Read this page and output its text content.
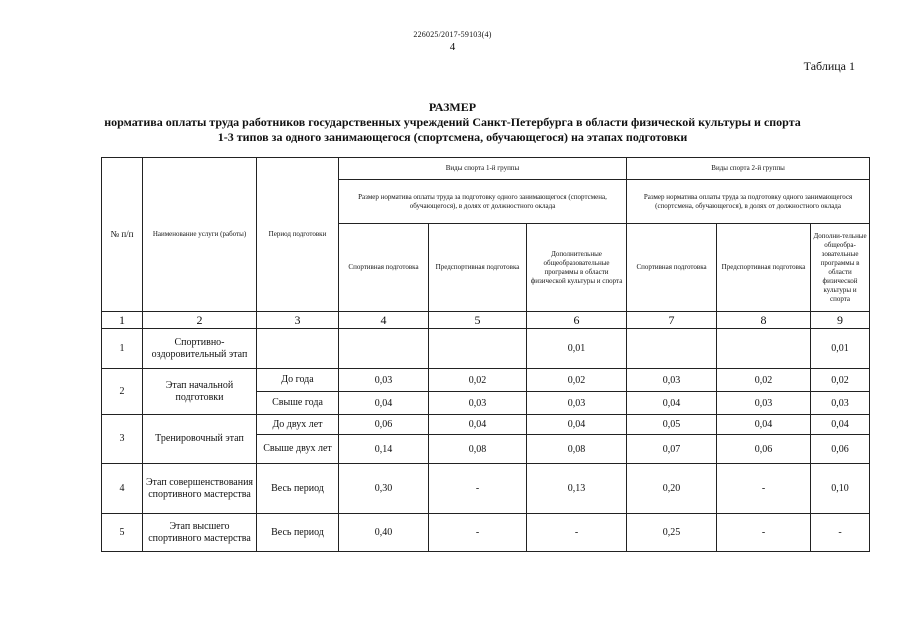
226025/2017-59103(4)
4
Таблица 1
РАЗМЕР
норматива оплаты труда работников государственных учреждений Санкт-Петербурга в области физической культуры и спорта
1-3 типов за одного занимающегося (спортсмена, обучающегося) на этапах подготовки
№ п/п	Наименование услуги (работы)	Период подготовки	Виды спорта 1-й группы			Виды спорта 2-й группы		
			Размер норматива оплаты труда за подготовку одного занимающегося (спортсмена, обучающегося), в долях от должностного оклада			Размер норматива оплаты труда за подготовку одного занимающегося (спортсмена, обучающегося), в долях от должностного оклада		
			Спортивная подготовка	Предспортивная подготовка	Дополнительные общеобразовательные программы в области физической культуры и спорта	Спортивная подготовка	Предспортивная подготовка	Дополни-тельные общеобра-зовательные программы в области физической культуры и спорта
1	2	3	4	5	6	7	8	9
1	Спортивно-оздоровительный этап				0,01			0,01
2	Этап начальной подготовки	До года	0,03	0,02	0,02	0,03	0,02	0,02
		Свыше года	0,04	0,03	0,03	0,04	0,03	0,03
3	Тренировочный этап	До двух лет	0,06	0,04	0,04	0,05	0,04	0,04
		Свыше двух лет	0,14	0,08	0,08	0,07	0,06	0,06
4	Этап совершенствования спортивного мастерства	Весь период	0,30	-	0,13	0,20	-	0,10
5	Этап высшего спортивного мастерства	Весь период	0,40	-	-	0,25	-	-
